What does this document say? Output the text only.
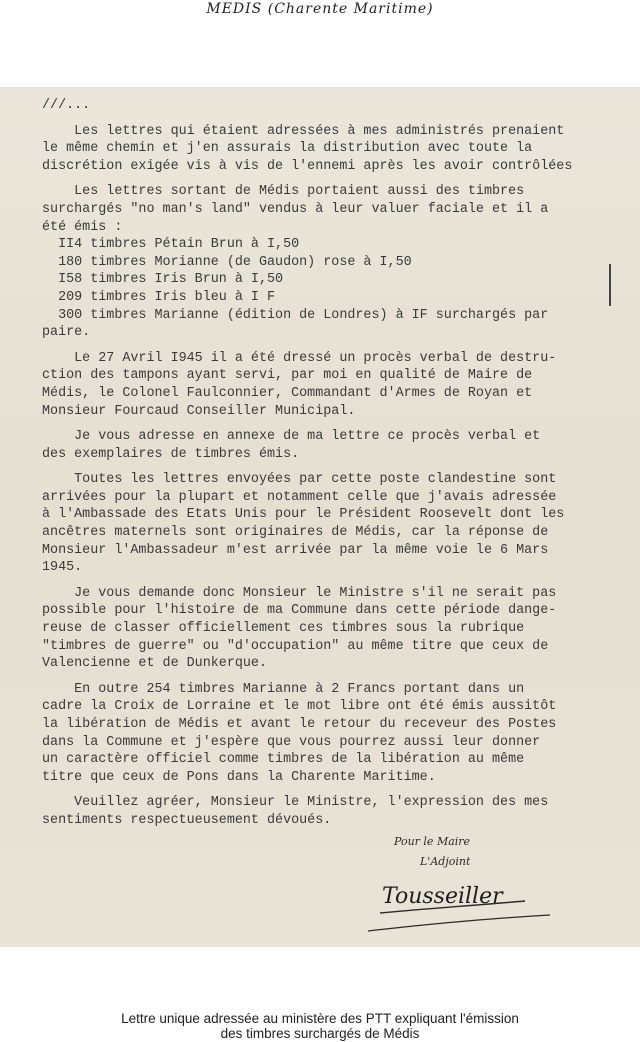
MEDIS (Charente Maritime)
///...
Les lettres qui étaient adressées à mes administrés prenaient
le même chemin et j'en assurais la distribution avec toute la
discrétion exigée vis à vis de l'ennemi après les avoir contrôlées
Les lettres sortant de Médis portaient aussi des timbres
surchargés "no man's land" vendus à leur valuer faciale et il a
été émis :
II4 timbres Pétain Brun à I,50
180 timbres Morianne (de Gaudon) rose à I,50
I58 timbres Iris Brun à I,50
209 timbres Iris bleu à I F
300 timbres Marianne (édition de Londres) à IF surchargés par
paire.
Le 27 Avril I945 il a été dressé un procès verbal de destru-
ction des tampons ayant servi, par moi en qualité de Maire de
Médis, le Colonel Faulconnier, Commandant d'Armes de Royan et
Monsieur Fourcaud Conseiller Municipal.
Je vous adresse en annexe de ma lettre ce procès verbal et
des exemplaires de timbres émis.
Toutes les lettres envoyées par cette poste clandestine sont
arrivées pour la plupart et notamment celle que j'avais adressée
à l'Ambassade des Etats Unis pour le Président Roosevelt dont les
ancêtres maternels sont originaires de Médis, car la réponse de
Monsieur l'Ambassadeur m'est arrivée par la même voie le 6 Mars
1945.
Je vous demande donc Monsieur le Ministre s'il ne serait pas
possible pour l'histoire de ma Commune dans cette période dange-
reuse de classer officiellement ces timbres sous la rubrique
"timbres de guerre" ou "d'occupation" au même titre que ceux de
Valencienne et de Dunkerque.
En outre 254 timbres Marianne à 2 Francs portant dans un
cadre la Croix de Lorraine et le mot libre ont été émis aussitôt
la libération de Médis et avant le retour du receveur des Postes
dans la Commune et j'espère que vous pourrez aussi leur donner
un caractère officiel comme timbres de la libération au même
titre que ceux de Pons dans la Charente Maritime.
Veuillez agréer, Monsieur le Ministre, l'expression des mes
sentiments respectueusement dévoués.
Pour le Maire
L'Adjoint
Tousseiller
Lettre unique adressée au ministère des PTT expliquant l'émission
des timbres surchargés de Médis
